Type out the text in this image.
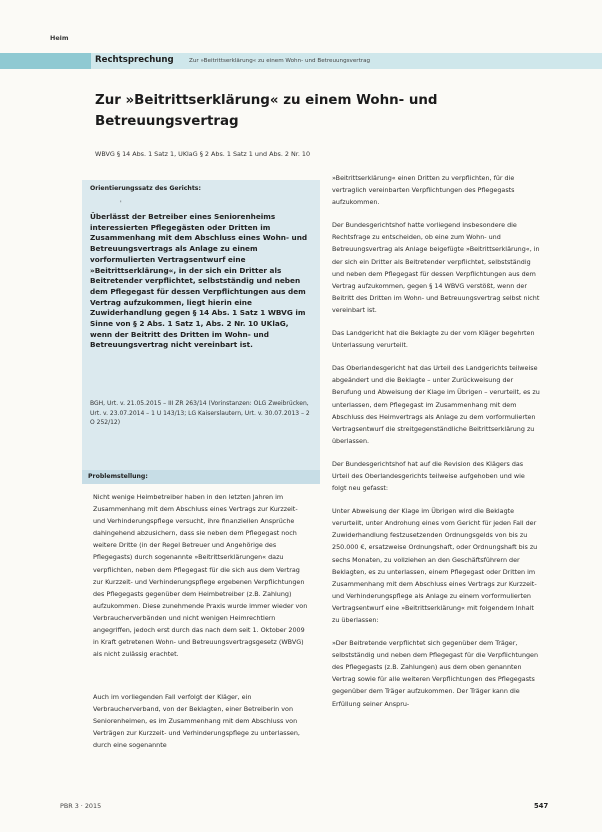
Heim
Rechtsprechung	Zur »Beitrittserklärung« zu einem Wohn- und Betreuungsvertrag
Zur »Beitrittserklärung« zu einem Wohn- und Betreuungsvertrag
WBVG § 14 Abs. 1 Satz 1, UKlaG § 2 Abs. 1 Satz 1 und Abs. 2 Nr. 10
Orientierungssatz des Gerichts:
'
Überlässt der Betreiber eines Seniorenheims interessierten Pflegegästen oder Dritten im Zusammenhang mit dem Abschluss eines Wohn- und Betreuungsvertrags als Anlage zu einem vorformulierten Vertragsentwurf eine »Beitrittserklärung«, in der sich ein Dritter als Beitretender verpflichtet, selbstständig und neben dem Pflegegast für dessen Verpflichtungen aus dem Vertrag aufzukommen, liegt hierin eine Zuwiderhandlung gegen § 14 Abs. 1 Satz 1 WBVG im Sinne von § 2 Abs. 1 Satz 1, Abs. 2 Nr. 10 UKlaG, wenn der Beitritt des Dritten im Wohn- und Betreuungsvertrag nicht vereinbart ist.
BGH, Urt. v. 21.05.2015 – III ZR 263/14 (Vorinstanzen: OLG Zweibrücken, Urt. v. 23.07.2014 – 1 U 143/13; LG Kaiserslautern, Urt. v. 30.07.2013 – 2 O 252/12)
Problemstellung:
Nicht wenige Heimbetreiber haben in den letzten Jahren im Zusammenhang mit dem Abschluss eines Vertrags zur Kurzzeit- und Verhinderungspflege versucht, ihre finanziellen Ansprüche dahingehend abzusichern, dass sie neben dem Pflegegast noch weitere Dritte (in der Regel Betreuer und Angehörige des Pflegegasts) durch sogenannte »Beitrittserklärungen« dazu verpflichten, neben dem Pflegegast für die sich aus dem Vertrag zur Kurzzeit- und Verhinderungspflege ergebenen Verpflichtungen des Pflegegasts gegenüber dem Heimbetreiber (z.B. Zahlung) aufzukommen. Diese zunehmende Praxis wurde immer wieder von Verbraucherverbänden und nicht wenigen Heimrechtlern angegriffen, jedoch erst durch das nach dem seit 1. Oktober 2009 in Kraft getretenen Wohn- und Betreuungsvertragsgesetz (WBVG) als nicht zulässig erachtet.
Auch im vorliegenden Fall verfolgt der Kläger, ein Verbraucherverband, von der Beklagten, einer Betreiberin von Seniorenheimen, es im Zusammenhang mit dem Abschluss von Verträgen zur Kurzzeit- und Verhinderungspflege zu unterlassen, durch eine sogenannte

»Beitrittserklärung« einen Dritten zu verpflichten, für die vertraglich vereinbarten Verpflichtungen des Pflegegasts aufzukommen.

Der Bundesgerichtshof hatte vorliegend insbesondere die Rechtsfrage zu entscheiden, ob eine zum Wohn- und Betreuungsvertrag als Anlage beigefügte »Beitrittserklärung«, in der sich ein Dritter als Beitretender verpflichtet, selbstständig und neben dem Pflegegast für dessen Verpflichtungen aus dem Vertrag aufzukommen, gegen § 14 WBVG verstößt, wenn der Beitritt des Dritten im Wohn- und Betreuungsvertrag selbst nicht vereinbart ist.

Das Landgericht hat die Beklagte zu der vom Kläger begehrten Unterlassung verurteilt.

Das Oberlandesgericht hat das Urteil des Landgerichts teilweise abgeändert und die Beklagte – unter Zurückweisung der Berufung und Abweisung der Klage im Übrigen – verurteilt, es zu unterlassen, dem Pflegegast im Zusammenhang mit dem Abschluss des Heimvertrags als Anlage zu dem vorformulierten Vertragsentwurf die streitgegenständliche Beitrittserklärung zu überlassen.

Der Bundesgerichtshof hat auf die Revision des Klägers das Urteil des Oberlandesgerichts teilweise aufgehoben und wie folgt neu gefasst:

Unter Abweisung der Klage im Übrigen wird die Beklagte verurteilt, unter Androhung eines vom Gericht für jeden Fall der Zuwiderhandlung festzusetzenden Ordnungsgelds von bis zu 250.000 €, ersatzweise Ordnungshaft, oder Ordnungshaft bis zu sechs Monaten, zu vollziehen an den Geschäftsführern der Beklagten, es zu unterlassen, einem Pflegegast oder Dritten im Zusammenhang mit dem Abschluss eines Vertrags zur Kurzzeit- und Verhinderungspflege als Anlage zu einem vorformulierten Vertragsentwurf eine »Beitrittserklärung« mit folgendem Inhalt zu überlassen:

»Der Beitretende verpflichtet sich gegenüber dem Träger, selbstständig und neben dem Pflegegast für die Verpflichtungen des Pflegegasts (z.B. Zahlungen) aus dem oben genannten Vertrag sowie für alle weiteren Verpflichtungen des Pflegegasts gegenüber dem Träger aufzukommen. Der Träger kann die Erfüllung seiner Anspru-

PBR 3 · 2015	547
